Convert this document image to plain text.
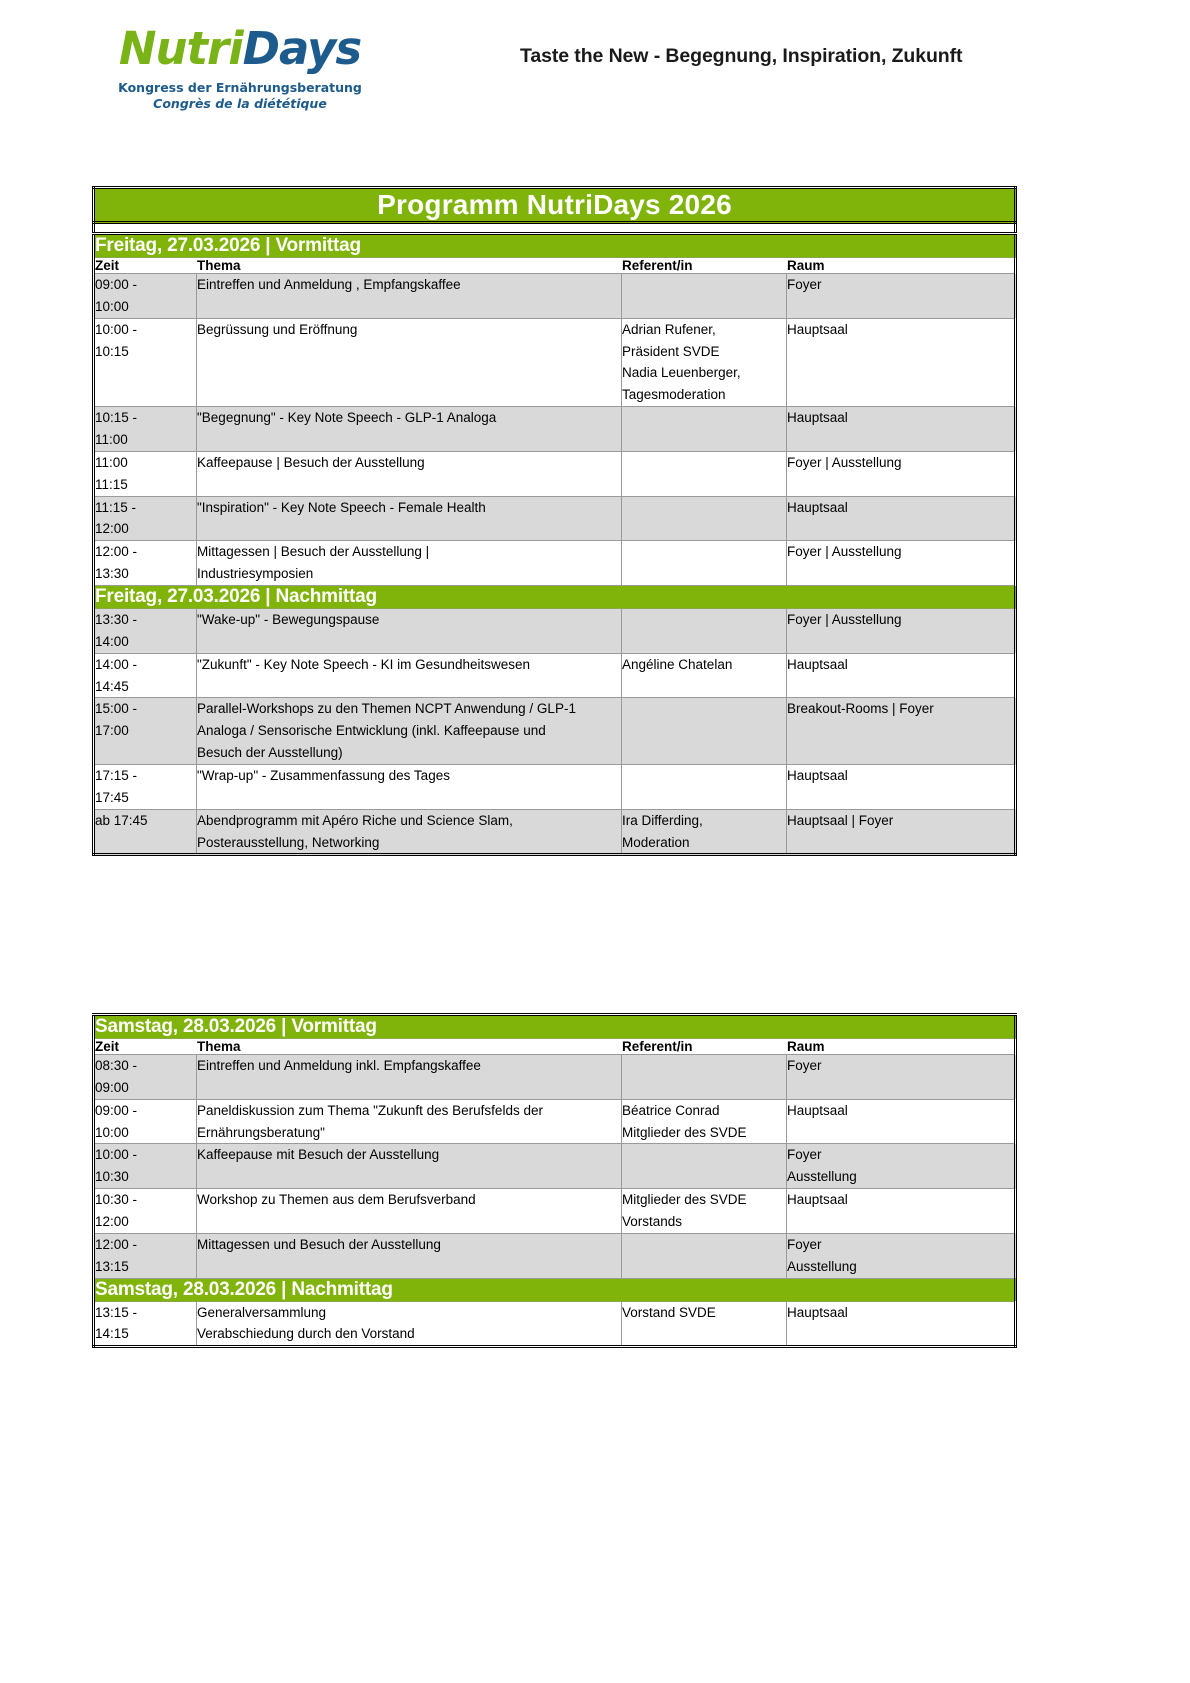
NutriDays
Kongress der Ernährungsberatung
Congrès de la diététique
Taste the New - Begegnung, Inspiration, Zukunft
Programm NutriDays 2026			

Freitag, 27.03.2026 | Vormittag			
Zeit	Thema	Referent/in	Raum

09:00 -
10:00	Eintreffen und Anmeldung , Empfangskaffee		Foyer

10:00 -
10:15	Begrüssung und Eröffnung	Adrian Rufener,
Präsident SVDE
Nadia Leuenberger,
Tagesmoderation	Hauptsaal

10:15 -
11:00	"Begegnung" - Key Note Speech - GLP-1 Analoga		Hauptsaal

11:00
11:15	Kaffeepause | Besuch der Ausstellung		Foyer | Ausstellung

11:15 -
12:00	"Inspiration" - Key Note Speech - Female Health		Hauptsaal

12:00 -
13:30	Mittagessen | Besuch der Ausstellung |
Industriesymposien		Foyer | Ausstellung

Freitag, 27.03.2026 | Nachmittag			

13:30 -
14:00	"Wake-up" - Bewegungspause		Foyer | Ausstellung

14:00 -
14:45	"Zukunft" - Key Note Speech - KI im Gesundheitswesen	Angéline Chatelan	Hauptsaal

15:00 -
17:00	Parallel-Workshops zu den Themen NCPT Anwendung / GLP-1
Analoga / Sensorische Entwicklung (inkl. Kaffeepause und
Besuch der Ausstellung)		Breakout-Rooms | Foyer

17:15 -
17:45	"Wrap-up" - Zusammenfassung des Tages		Hauptsaal

ab 17:45	Abendprogramm mit Apéro Riche und Science Slam,
Posterausstellung, Networking	Ira Differding,
Moderation	Hauptsaal | Foyer
Samstag, 28.03.2026 | Vormittag			
Zeit	Thema	Referent/in	Raum

08:30 -
09:00	Eintreffen und Anmeldung inkl. Empfangskaffee		Foyer

09:00 -
10:00	Paneldiskussion zum Thema "Zukunft des Berufsfelds der
Ernährungsberatung"	Béatrice Conrad
Mitglieder des SVDE	Hauptsaal

10:00 -
10:30	Kaffeepause mit Besuch der Ausstellung		Foyer
Ausstellung

10:30 -
12:00	Workshop zu Themen aus dem Berufsverband	Mitglieder des SVDE
Vorstands	Hauptsaal

12:00 -
13:15	Mittagessen und Besuch der Ausstellung		Foyer
Ausstellung

Samstag, 28.03.2026 | Nachmittag			

13:15 -
14:15	Generalversammlung
Verabschiedung durch den Vorstand	Vorstand SVDE	Hauptsaal
